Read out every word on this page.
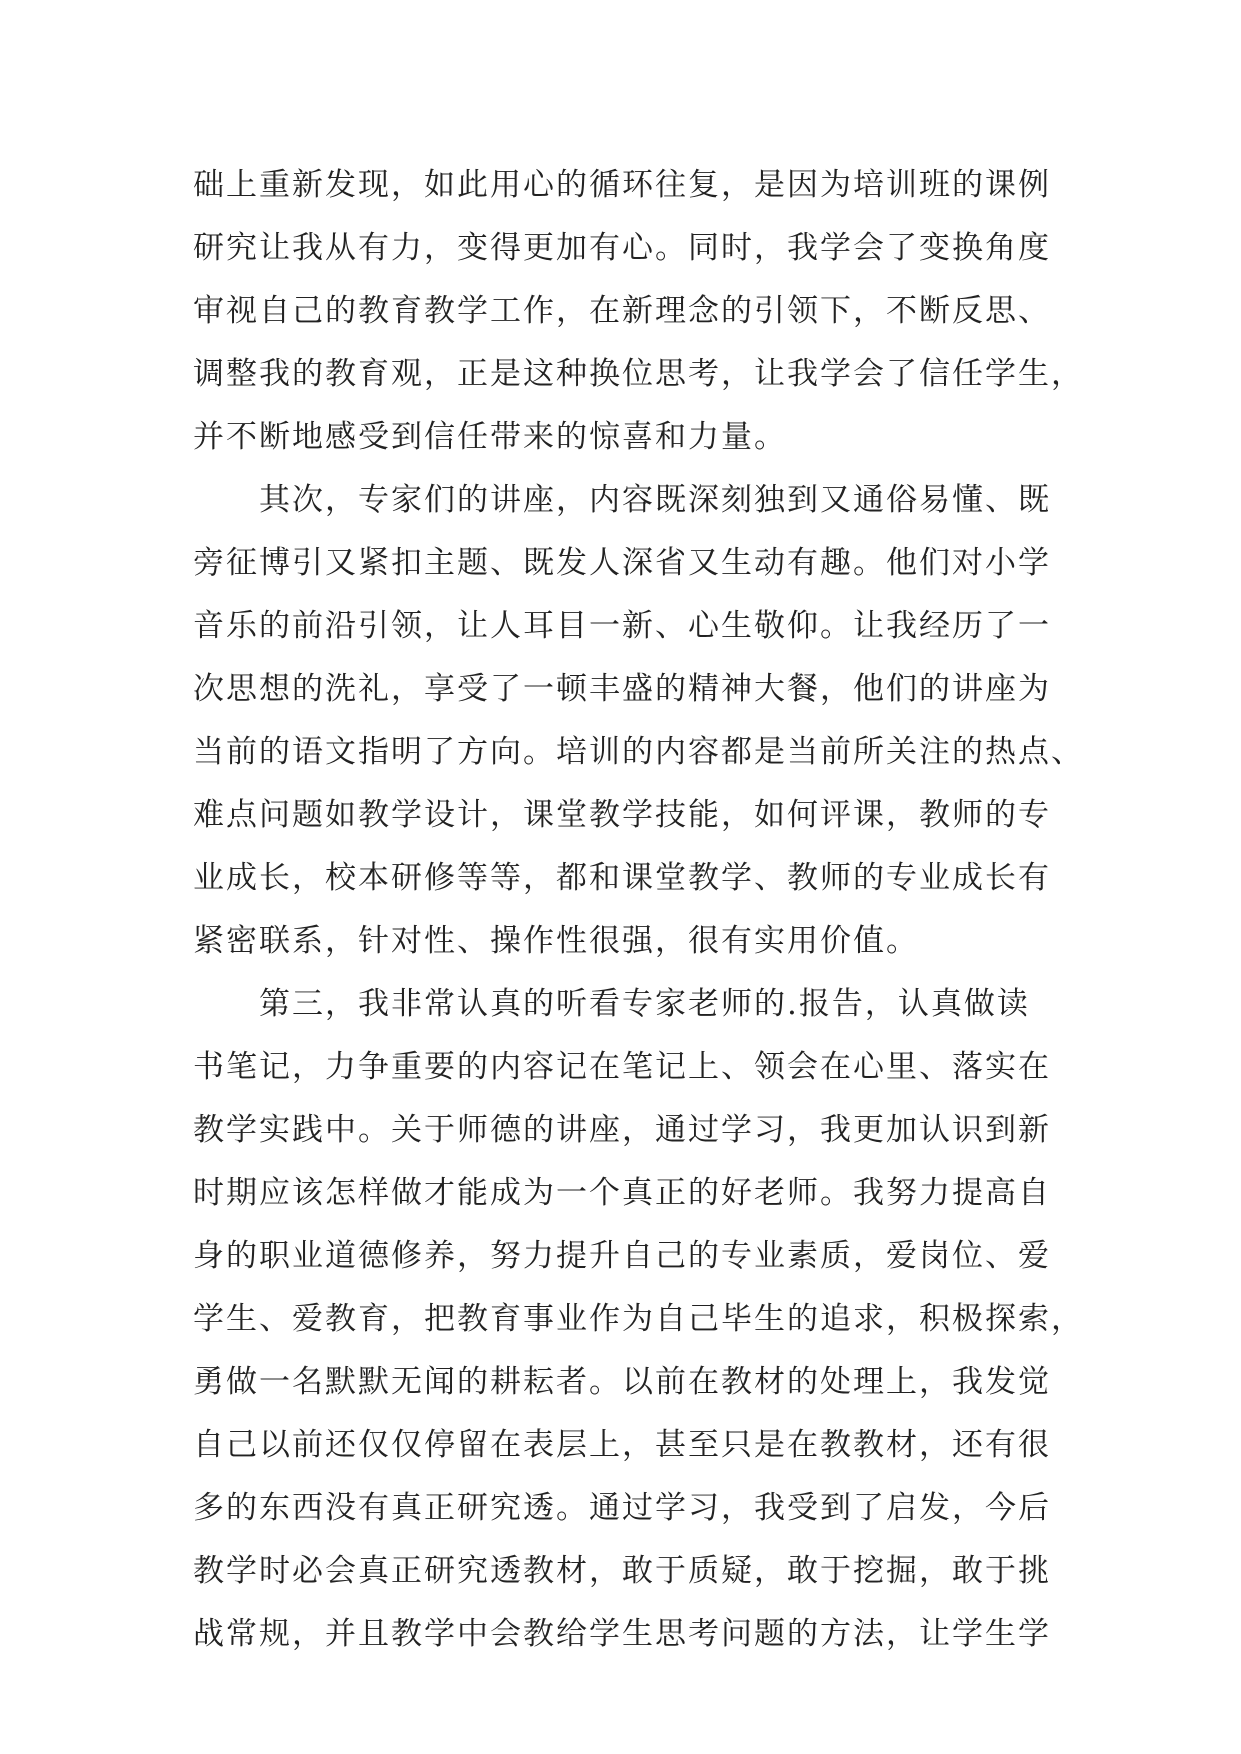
础上重新发现，如此用心的循环往复，是因为培训班的课例
研究让我从有力，变得更加有心。同时，我学会了变换角度
审视自己的教育教学工作，在新理念的引领下，不断反思、
调整我的教育观，正是这种换位思考，让我学会了信任学生，
并不断地感受到信任带来的惊喜和力量。
　　其次，专家们的讲座，内容既深刻独到又通俗易懂、既
旁征博引又紧扣主题、既发人深省又生动有趣。他们对小学
音乐的前沿引领，让人耳目一新、心生敬仰。让我经历了一
次思想的洗礼，享受了一顿丰盛的精神大餐，他们的讲座为
当前的语文指明了方向。培训的内容都是当前所关注的热点、
难点问题如教学设计，课堂教学技能，如何评课，教师的专
业成长，校本研修等等，都和课堂教学、教师的专业成长有
紧密联系，针对性、操作性很强，很有实用价值。
　　第三，我非常认真的听看专家老师的.报告，认真做读
书笔记，力争重要的内容记在笔记上、领会在心里、落实在
教学实践中。关于师德的讲座，通过学习，我更加认识到新
时期应该怎样做才能成为一个真正的好老师。我努力提高自
身的职业道德修养，努力提升自己的专业素质，爱岗位、爱
学生、爱教育，把教育事业作为自己毕生的追求，积极探索，
勇做一名默默无闻的耕耘者。以前在教材的处理上，我发觉
自己以前还仅仅停留在表层上，甚至只是在教教材，还有很
多的东西没有真正研究透。通过学习，我受到了启发，今后
教学时必会真正研究透教材，敢于质疑，敢于挖掘，敢于挑
战常规，并且教学中会教给学生思考问题的方法，让学生学
